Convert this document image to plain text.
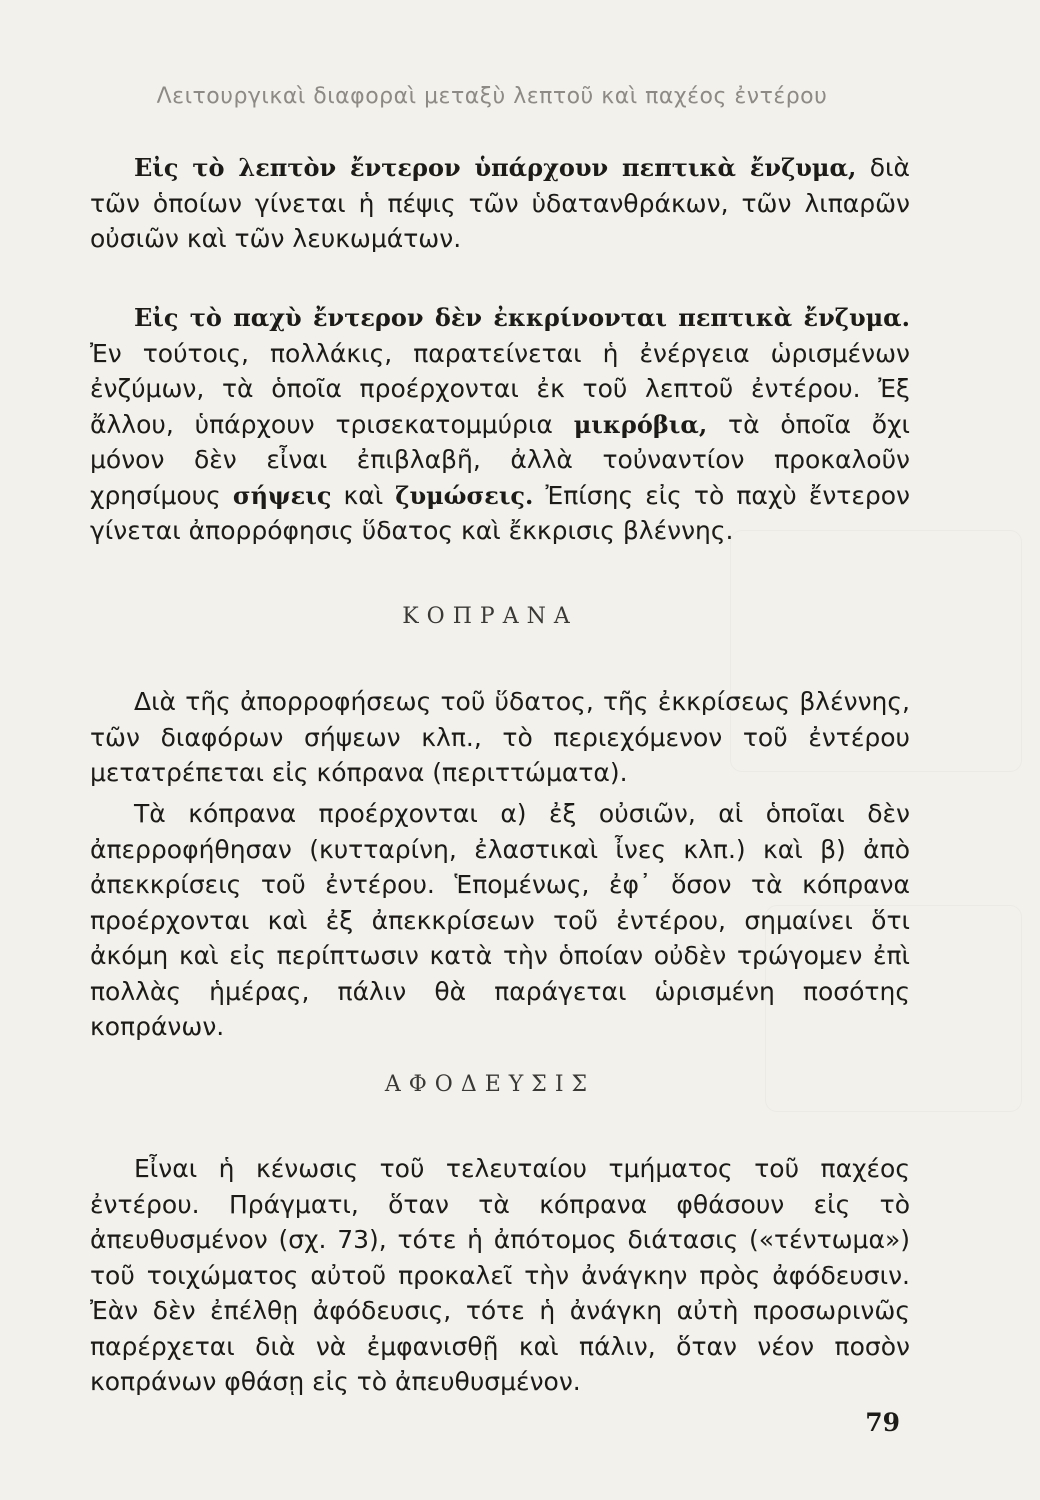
Λειτουργικαὶ διαφοραὶ μεταξὺ λεπτοῦ καὶ παχέος ἐντέρου

Εἰς τὸ λεπτὸν ἔντερον ὑπάρχουν πεπτικὰ ἔνζυμα, διὰ τῶν ὁποίων γίνεται ἡ πέψις τῶν ὑδατανθράκων, τῶν λιπαρῶν οὐσιῶν καὶ τῶν λευκωμάτων.

Εἰς τὸ παχὺ ἔντερον δὲν ἐκκρίνονται πεπτικὰ ἔνζυμα. Ἐν τούτοις, πολλάκις, παρατείνεται ἡ ἐνέργεια ὡρισμένων ἐνζύμων, τὰ ὁποῖα προέρχονται ἐκ τοῦ λεπτοῦ ἐντέρου. Ἐξ ἄλλου, ὑπάρχουν τρισεκατομμύρια μικρόβια, τὰ ὁποῖα ὄχι μόνον δὲν εἶναι ἐπιβλαβῆ, ἀλλὰ τοὐναντίον προκαλοῦν χρησίμους σήψεις καὶ ζυμώσεις. Ἐπίσης εἰς τὸ παχὺ ἔντερον γίνεται ἀπορρόφησις ὕδατος καὶ ἔκκρισις βλέννης.

ΚΟΠΡΑΝΑ

Διὰ τῆς ἀπορροφήσεως τοῦ ὕδατος, τῆς ἐκκρίσεως βλέννης, τῶν διαφόρων σήψεων κλπ., τὸ περιεχόμενον τοῦ ἐντέρου μετατρέπεται εἰς κόπρανα (περιττώματα).

Τὰ κόπρανα προέρχονται α) ἐξ οὐσιῶν, αἱ ὁποῖαι δὲν ἀπερροφήθησαν (κυτταρίνη, ἐλαστικαὶ ἶνες κλπ.) καὶ β) ἀπὸ ἀπεκκρίσεις τοῦ ἐντέρου. Ἑπομένως, ἐφ᾽ ὅσον τὰ κόπρανα προέρχονται καὶ ἐξ ἀπεκκρίσεων τοῦ ἐντέρου, σημαίνει ὅτι ἀκόμη καὶ εἰς περίπτωσιν κατὰ τὴν ὁποίαν οὐδὲν τρώγομεν ἐπὶ πολλὰς ἡμέρας, πάλιν θὰ παράγεται ὡρισμένη ποσότης κοπράνων.

ΑΦΟΔΕΥΣΙΣ

Εἶναι ἡ κένωσις τοῦ τελευταίου τμήματος τοῦ παχέος ἐντέρου. Πράγματι, ὅταν τὰ κόπρανα φθάσουν εἰς τὸ ἀπευθυσμένον (σχ. 73), τότε ἡ ἀπότομος διάτασις («τέντωμα») τοῦ τοιχώματος αὐτοῦ προκαλεῖ τὴν ἀνάγκην πρὸς ἀφόδευσιν. Ἐὰν δὲν ἐπέλθῃ ἀφόδευσις, τότε ἡ ἀνάγκη αὐτὴ προσωρινῶς παρέρχεται διὰ νὰ ἐμφανισθῇ καὶ πάλιν, ὅταν νέον ποσὸν κοπράνων φθάσῃ εἰς τὸ ἀπευθυσμένον.

79
